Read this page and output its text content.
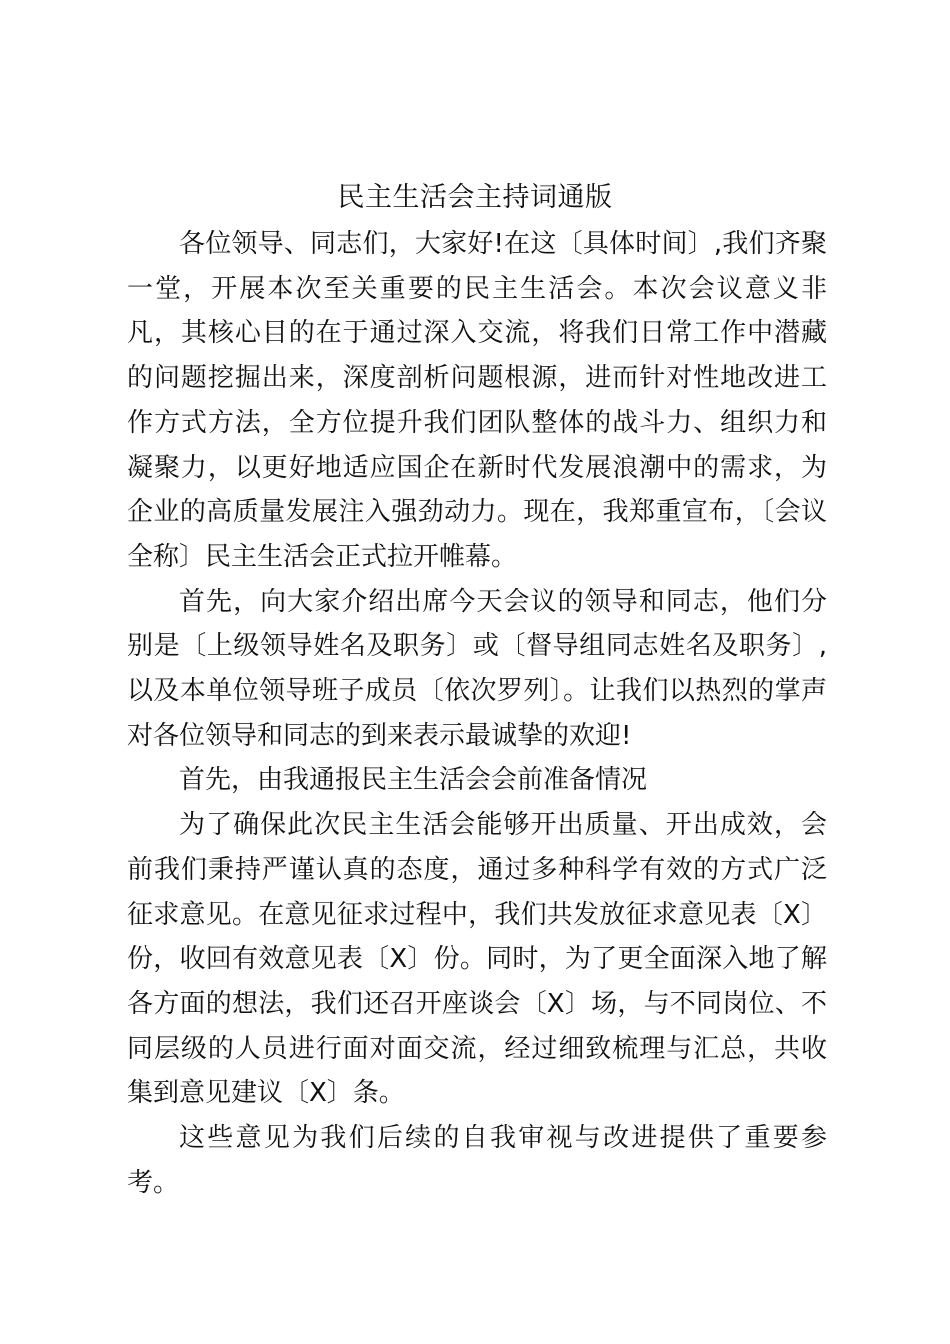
民主生活会主持词通版

各位领导、同志们，大家好!在这〔具体时间〕,我们齐聚一堂，开展本次至关重要的民主生活会。本次会议意义非凡，其核心目的在于通过深入交流，将我们日常工作中潜藏的问题挖掘出来，深度剖析问题根源，进而针对性地改进工作方式方法，全方位提升我们团队整体的战斗力、组织力和凝聚力，以更好地适应国企在新时代发展浪潮中的需求，为企业的高质量发展注入强劲动力。现在，我郑重宣布，〔会议全称〕民主生活会正式拉开帷幕。

首先，向大家介绍出席今天会议的领导和同志，他们分别是〔上级领导姓名及职务〕或〔督导组同志姓名及职务〕,以及本单位领导班子成员〔依次罗列〕。让我们以热烈的掌声对各位领导和同志的到来表示最诚挚的欢迎!

首先，由我通报民主生活会会前准备情况

为了确保此次民主生活会能够开出质量、开出成效，会前我们秉持严谨认真的态度，通过多种科学有效的方式广泛征求意见。在意见征求过程中，我们共发放征求意见表〔X〕份，收回有效意见表〔X〕份。同时，为了更全面深入地了解各方面的想法，我们还召开座谈会〔X〕场，与不同岗位、不同层级的人员进行面对面交流，经过细致梳理与汇总，共收集到意见建议〔X〕条。

这些意见为我们后续的自我审视与改进提供了重要参考。
